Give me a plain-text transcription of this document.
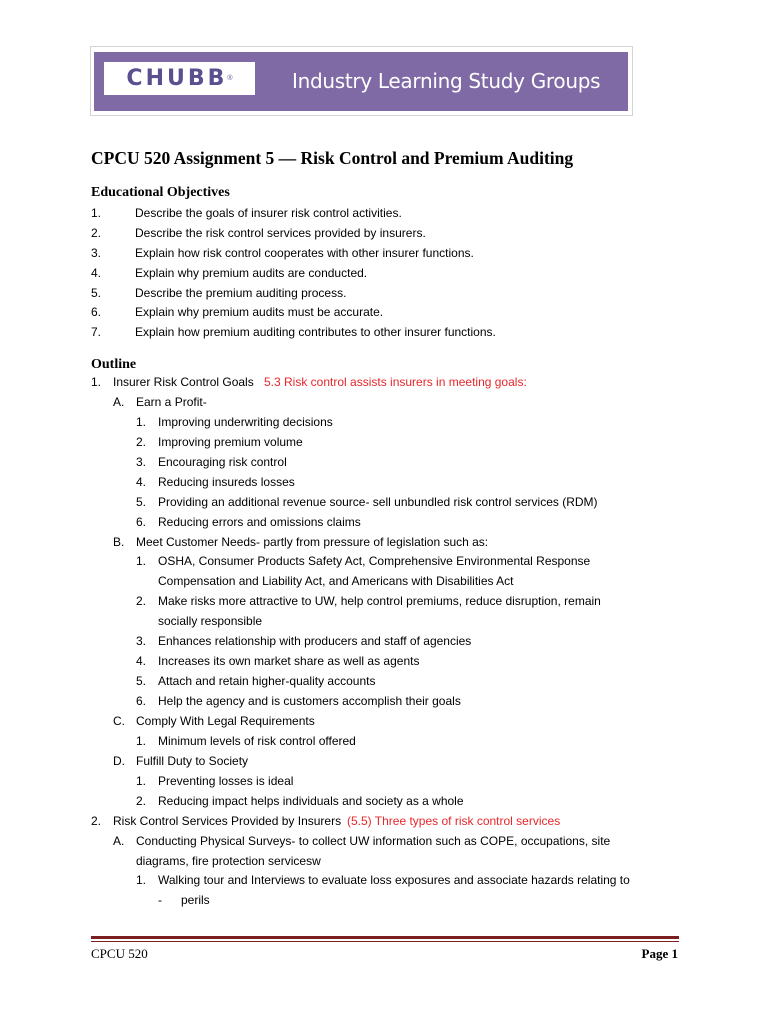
CHUBB ®	Industry Learning Study Groups
CPCU 520 Assignment 5 — Risk Control and Premium Auditing
Educational Objectives
1.	Describe the goals of insurer risk control activities.
2.	Describe the risk control services provided by insurers.
3.	Explain how risk control cooperates with other insurer functions.
4.	Explain why premium audits are conducted.
5.	Describe the premium auditing process.
6.	Explain why premium audits must be accurate.
7.	Explain how premium auditing contributes to other insurer functions.
Outline
1. Insurer Risk Control Goals 5.3 Risk control assists insurers in meeting goals:
A. Earn a Profit-
1. Improving underwriting decisions
2. Improving premium volume
3. Encouraging risk control
4. Reducing insureds losses
5. Providing an additional revenue source- sell unbundled risk control services (RDM)
6. Reducing errors and omissions claims
B. Meet Customer Needs- partly from pressure of legislation such as:
1. OSHA, Consumer Products Safety Act, Comprehensive Environmental Response
Compensation and Liability Act, and Americans with Disabilities Act
2. Make risks more attractive to UW, help control premiums, reduce disruption, remain
socially responsible
3. Enhances relationship with producers and staff of agencies
4. Increases its own market share as well as agents
5. Attach and retain higher-quality accounts
6. Help the agency and is customers accomplish their goals
C. Comply With Legal Requirements
1. Minimum levels of risk control offered
D. Fulfill Duty to Society
1. Preventing losses is ideal
2. Reducing impact helps individuals and society as a whole
2. Risk Control Services Provided by Insurers (5.5) Three types of risk control services
A. Conducting Physical Surveys- to collect UW information such as COPE, occupations, site
diagrams, fire protection servicesw
1. Walking tour and Interviews to evaluate loss exposures and associate hazards relating to
- perils
CPCU 520	Page 1
